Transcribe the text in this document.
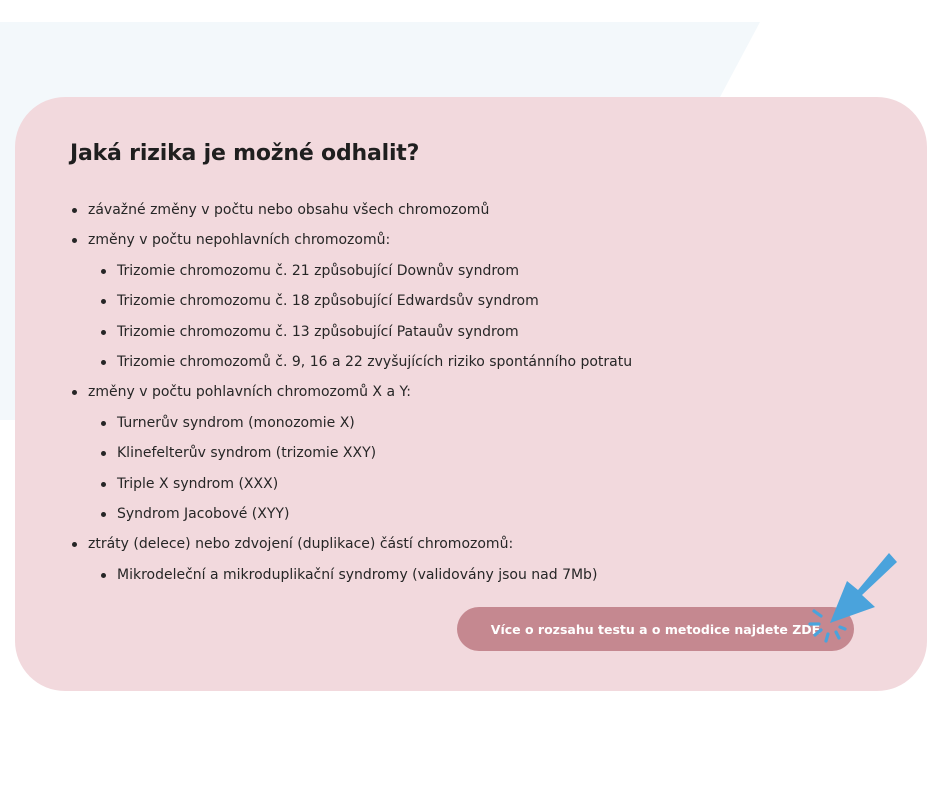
Jaká rizika je možné odhalit?
závažné změny v počtu nebo obsahu všech chromozomů
změny v počtu nepohlavních chromozomů:
Trizomie chromozomu č. 21 způsobující Downův syndrom
Trizomie chromozomu č. 18 způsobující Edwardsův syndrom
Trizomie chromozomu č. 13 způsobující Patauův syndrom
Trizomie chromozomů č. 9, 16 a 22 zvyšujících riziko spontánního potratu
změny v počtu pohlavních chromozomů X a Y:
Turnerův syndrom (monozomie X)
Klinefelterův syndrom (trizomie XXY)
Triple X syndrom (XXX)
Syndrom Jacobové (XYY)
ztráty (delece) nebo zdvojení (duplikace) částí chromozomů:
Mikrodeleční a mikroduplikační syndromy (validovány jsou nad 7Mb)
Více o rozsahu testu a o metodice najdete ZDE
